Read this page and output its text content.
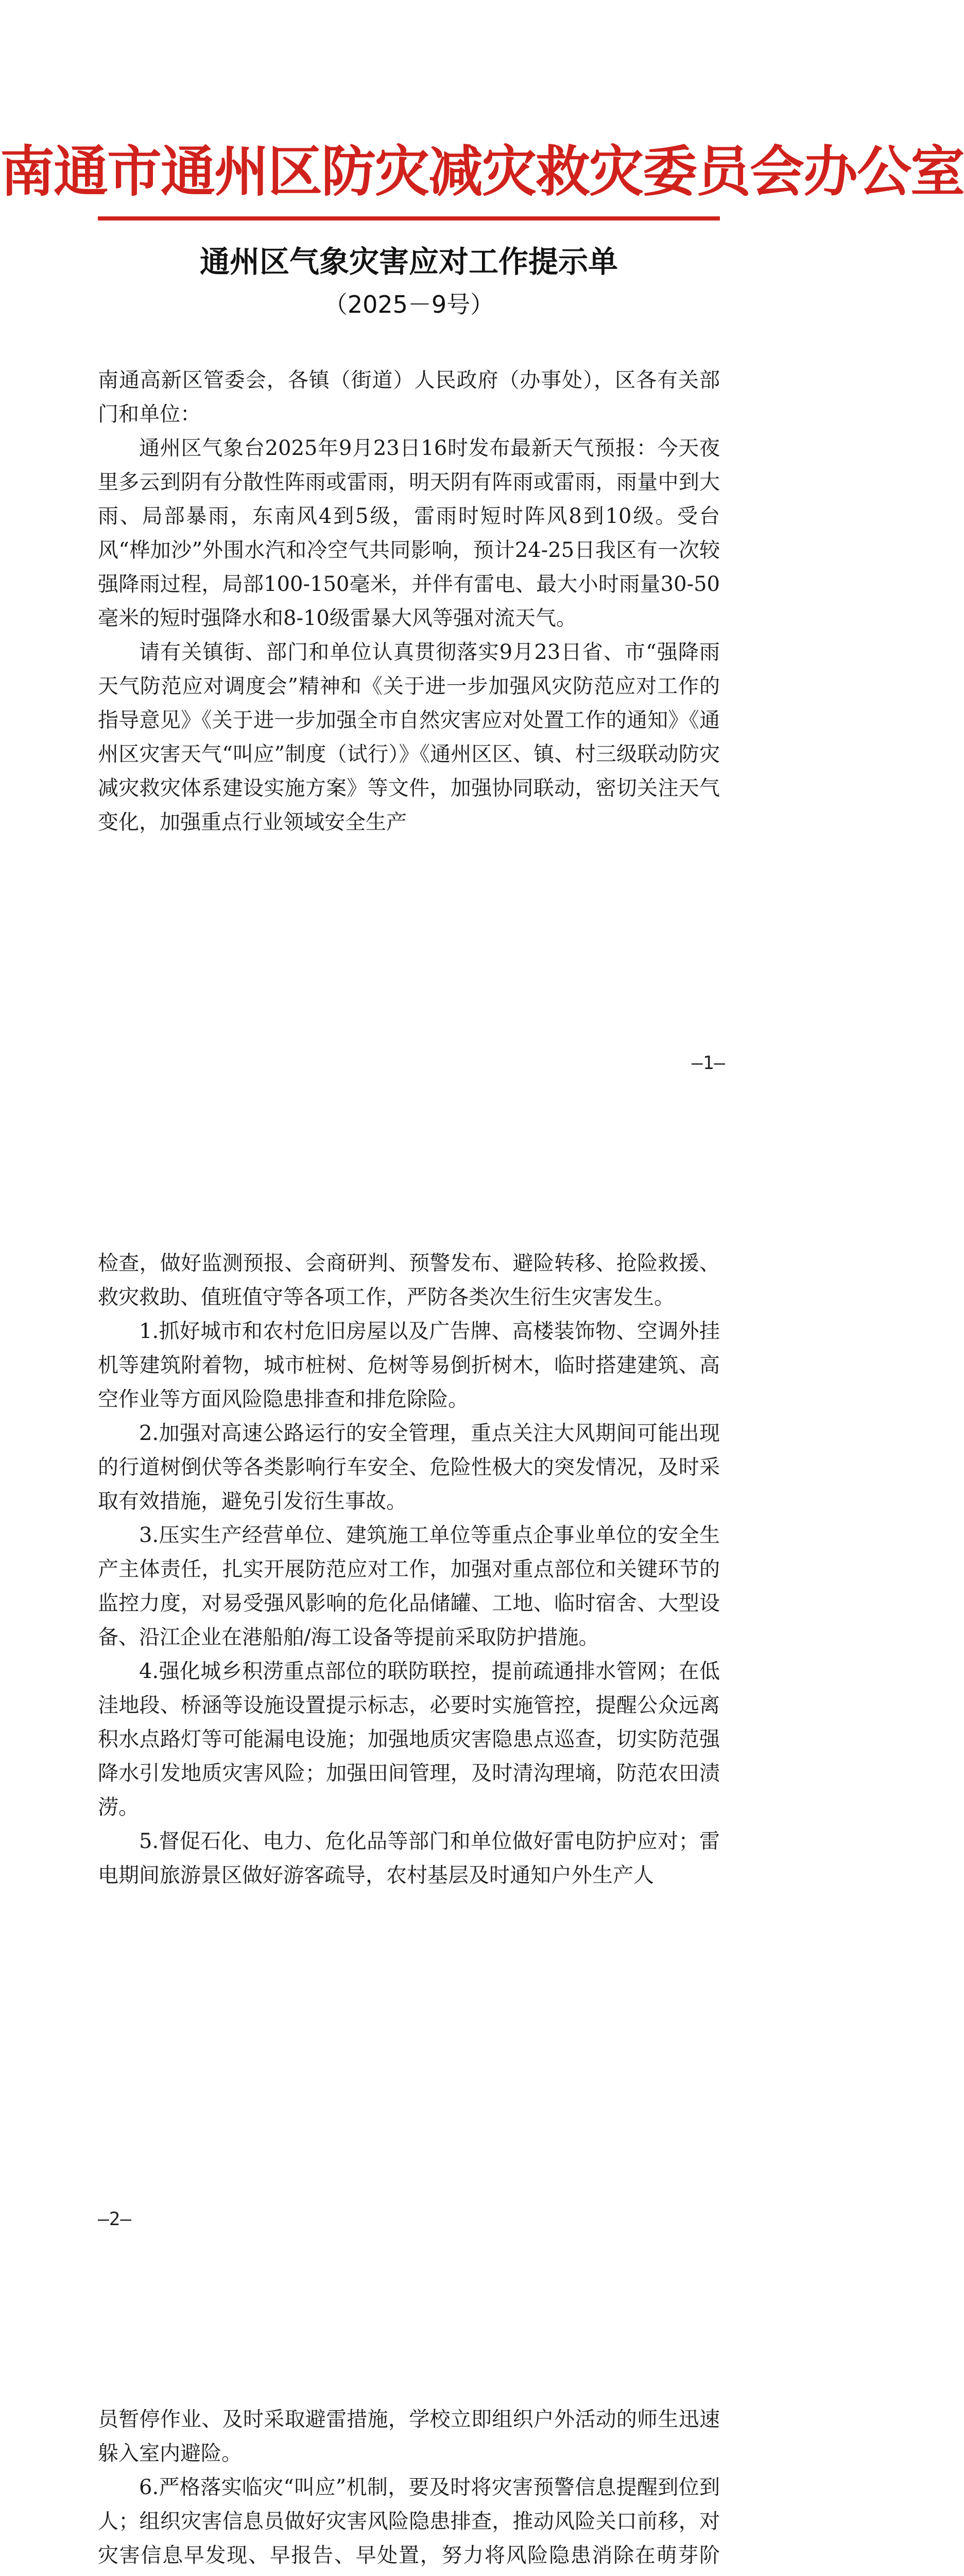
南通市通州区防灾减灾救灾委员会办公室
通州区气象灾害应对工作提示单
（2025－9号）

南通高新区管委会，各镇（街道）人民政府（办事处），区各有关部门和单位：

通州区气象台2025年9月23日16时发布最新天气预报：今天夜里多云到阴有分散性阵雨或雷雨，明天阴有阵雨或雷雨，雨量中到大雨、局部暴雨，东南风4到5级，雷雨时短时阵风8到10级。受台风“桦加沙”外围水汽和冷空气共同影响，预计24-25日我区有一次较强降雨过程，局部100-150毫米，并伴有雷电、最大小时雨量30-50毫米的短时强降水和8-10级雷暴大风等强对流天气。

请有关镇街、部门和单位认真贯彻落实9月23日省、市“强降雨天气防范应对调度会”精神和《关于进一步加强风灾防范应对工作的指导意见》《关于进一步加强全市自然灾害应对处置工作的通知》《通州区灾害天气“叫应”制度（试行）》《通州区区、镇、村三级联动防灾减灾救灾体系建设实施方案》等文件，加强协同联动，密切关注天气变化，加强重点行业领域安全生产

—1—

检查，做好监测预报、会商研判、预警发布、避险转移、抢险救援、救灾救助、值班值守等各项工作，严防各类次生衍生灾害发生。

1.抓好城市和农村危旧房屋以及广告牌、高楼装饰物、空调外挂机等建筑附着物，城市桩树、危树等易倒折树木，临时搭建建筑、高空作业等方面风险隐患排查和排危除险。

2.加强对高速公路运行的安全管理，重点关注大风期间可能出现的行道树倒伏等各类影响行车安全、危险性极大的突发情况，及时采取有效措施，避免引发衍生事故。

3.压实生产经营单位、建筑施工单位等重点企事业单位的安全生产主体责任，扎实开展防范应对工作，加强对重点部位和关键环节的监控力度，对易受强风影响的危化品储罐、工地、临时宿舍、大型设备、沿江企业在港船舶/海工设备等提前采取防护措施。

4.强化城乡积涝重点部位的联防联控，提前疏通排水管网；在低洼地段、桥涵等设施设置提示标志，必要时实施管控，提醒公众远离积水点路灯等可能漏电设施；加强地质灾害隐患点巡查，切实防范强降水引发地质灾害风险；加强田间管理，及时清沟理墒，防范农田渍涝。

5.督促石化、电力、危化品等部门和单位做好雷电防护应对；雷电期间旅游景区做好游客疏导，农村基层及时通知户外生产人

—2—

员暂停作业、及时采取避雷措施，学校立即组织户外活动的师生迅速躲入室内避险。

6.严格落实临灾“叫应”机制，要及时将灾害预警信息提醒到位到人；组织灾害信息员做好灾害风险隐患排查，推动风险关口前移，对灾害信息早发现、早报告、早处置，努力将风险隐患消除在萌芽阶
